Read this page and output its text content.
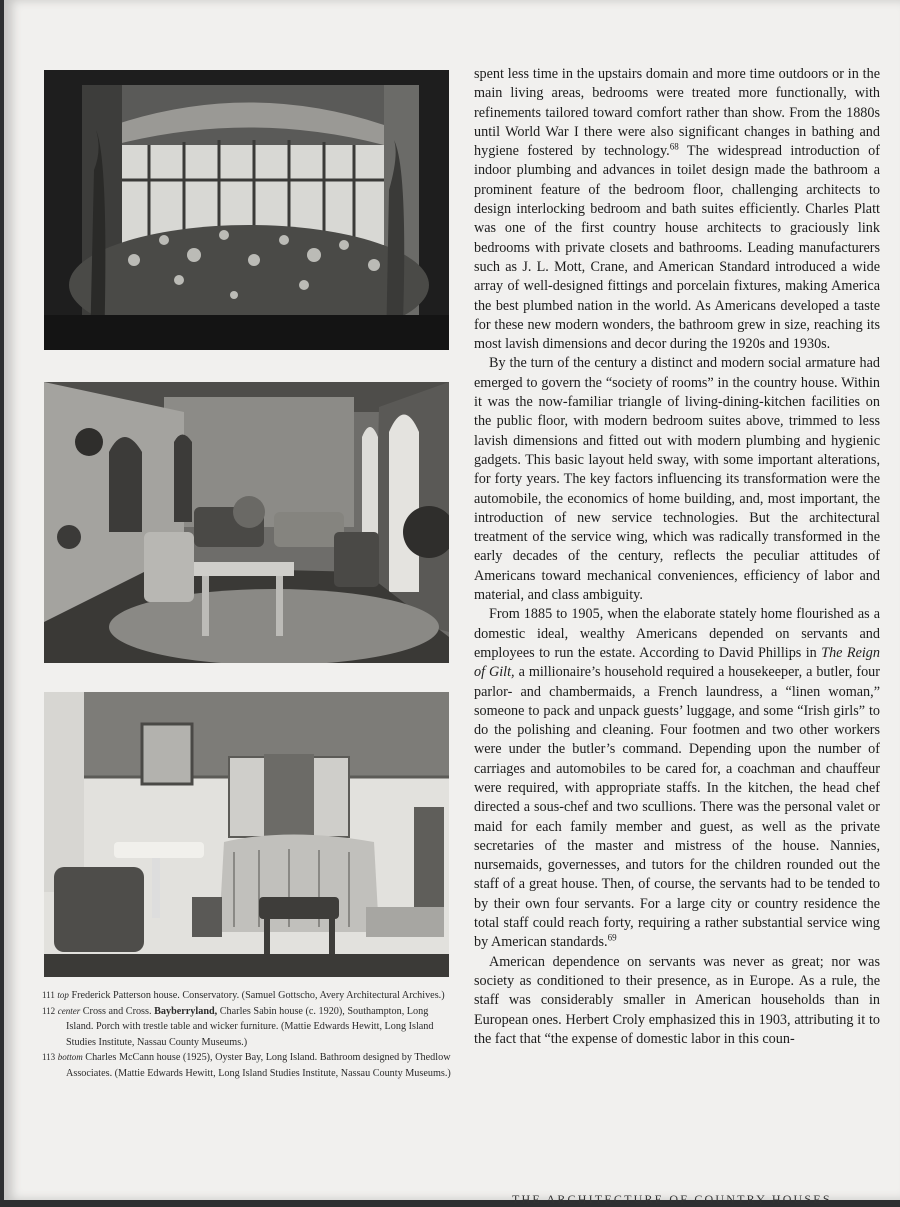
111 top Frederick Patterson house. Conservatory. (Samuel Gottscho, Avery Architectural Archives.)

112 center Cross and Cross. Bayberryland, Charles Sabin house (c. 1920), Southampton, Long Island. Porch with trestle table and wicker furniture. (Mattie Edwards Hewitt, Long Island Studies Institute, Nassau County Museums.)

113 bottom Charles McCann house (1925), Oyster Bay, Long Island. Bathroom designed by Thedlow Associates. (Mattie Edwards Hewitt, Long Island Studies Institute, Nassau County Museums.)

spent less time in the upstairs domain and more time outdoors or in the main living areas, bedrooms were treated more functionally, with refinements tailored toward comfort rather than show. From the 1880s until World War I there were also significant changes in bathing and hygiene fostered by technology.$^{68}$ The widespread introduction of indoor plumbing and advances in toilet design made the bathroom a prominent feature of the bedroom floor, challenging architects to design interlocking bedroom and bath suites efficiently. Charles Platt was one of the first country house architects to graciously link bedrooms with private closets and bathrooms. Leading manufacturers such as J. L. Mott, Crane, and American Standard introduced a wide array of well-designed fittings and porcelain fixtures, making America the best plumbed nation in the world. As Americans developed a taste for these new modern wonders, the bathroom grew in size, reaching its most lavish dimensions and decor during the 1920s and 1930s.

By the turn of the century a distinct and modern social armature had emerged to govern the “society of rooms” in the country house. Within it was the now-familiar triangle of living-dining-kitchen facilities on the public floor, with modern bedroom suites above, trimmed to less lavish dimensions and fitted out with modern plumbing and hygienic gadgets. This basic layout held sway, with some important alterations, for forty years. The key factors influencing its transformation were the automobile, the economics of home building, and, most important, the introduction of new service technologies. But the architectural treatment of the service wing, which was radically transformed in the early decades of the century, reflects the peculiar attitudes of Americans toward mechanical conveniences, efficiency of labor and material, and class ambiguity.

From 1885 to 1905, when the elaborate stately home flourished as a domestic ideal, wealthy Americans depended on servants and employees to run the estate. According to David Phillips in The Reign of Gilt, a millionaire’s household required a housekeeper, a butler, four parlor- and chambermaids, a French laundress, a “linen woman,” someone to pack and unpack guests’ luggage, and some “Irish girls” to do the polishing and cleaning. Four footmen and two other workers were under the butler’s command. Depending upon the number of carriages and automobiles to be cared for, a coachman and chauffeur were required, with appropriate staffs. In the kitchen, the head chef directed a sous-chef and two scullions. There was the personal valet or maid for each family member and guest, as well as the private secretaries of the master and mistress of the house. Nannies, nursemaids, governesses, and tutors for the children rounded out the staff of a great house. Then, of course, the servants had to be tended to by their own four servants. For a large city or country residence the total staff could reach forty, requiring a rather substantial service wing by American standards.$^{69}$

American dependence on servants was never as great; nor was society as conditioned to their presence, as in Europe. As a rule, the staff was considerably smaller in American households than in European ones. Herbert Croly emphasized this in 1903, attributing it to the fact that “the expense of domestic labor in this coun-

THE ARCHITECTURE OF COUNTRY HOUSES
